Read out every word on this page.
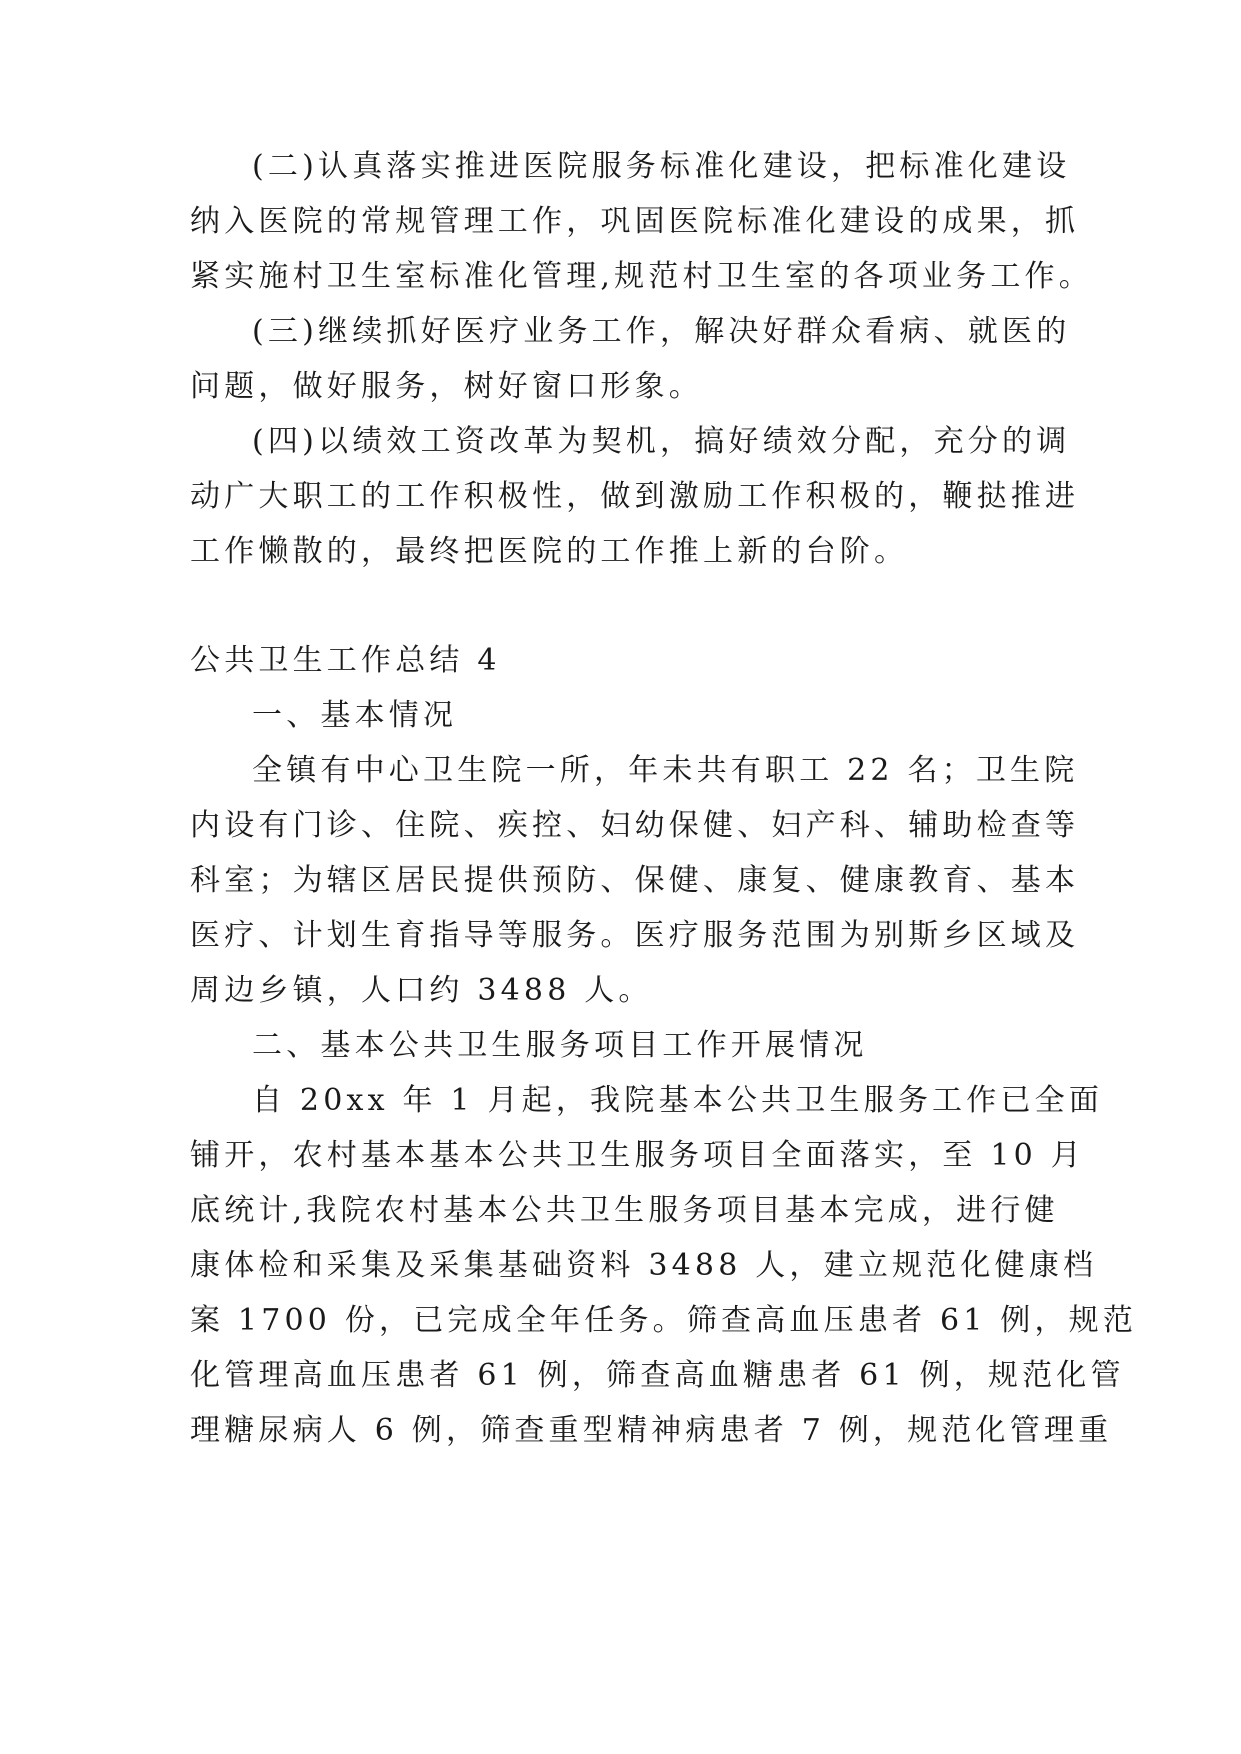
(二)认真落实推进医院服务标准化建设，把标准化建设
纳入医院的常规管理工作，巩固医院标准化建设的成果，抓
紧实施村卫生室标准化管理,规范村卫生室的各项业务工作。
(三)继续抓好医疗业务工作，解决好群众看病、就医的
问题，做好服务，树好窗口形象。
(四)以绩效工资改革为契机，搞好绩效分配，充分的调
动广大职工的工作积极性，做到激励工作积极的，鞭挞推进
工作懒散的，最终把医院的工作推上新的台阶。
公共卫生工作总结 4
一、基本情况
全镇有中心卫生院一所，年未共有职工 22 名；卫生院
内设有门诊、住院、疾控、妇幼保健、妇产科、辅助检查等
科室；为辖区居民提供预防、保健、康复、健康教育、基本
医疗、计划生育指导等服务。医疗服务范围为别斯乡区域及
周边乡镇，人口约 3488 人。
二、基本公共卫生服务项目工作开展情况
自 20xx 年 1 月起，我院基本公共卫生服务工作已全面
铺开，农村基本基本公共卫生服务项目全面落实，至 10 月
底统计,我院农村基本公共卫生服务项目基本完成，进行健
康体检和采集及采集基础资料 3488 人，建立规范化健康档
案 1700 份，已完成全年任务。筛查高血压患者 61 例，规范
化管理高血压患者 61 例，筛查高血糖患者 61 例，规范化管
理糖尿病人 6 例，筛查重型精神病患者 7 例，规范化管理重
